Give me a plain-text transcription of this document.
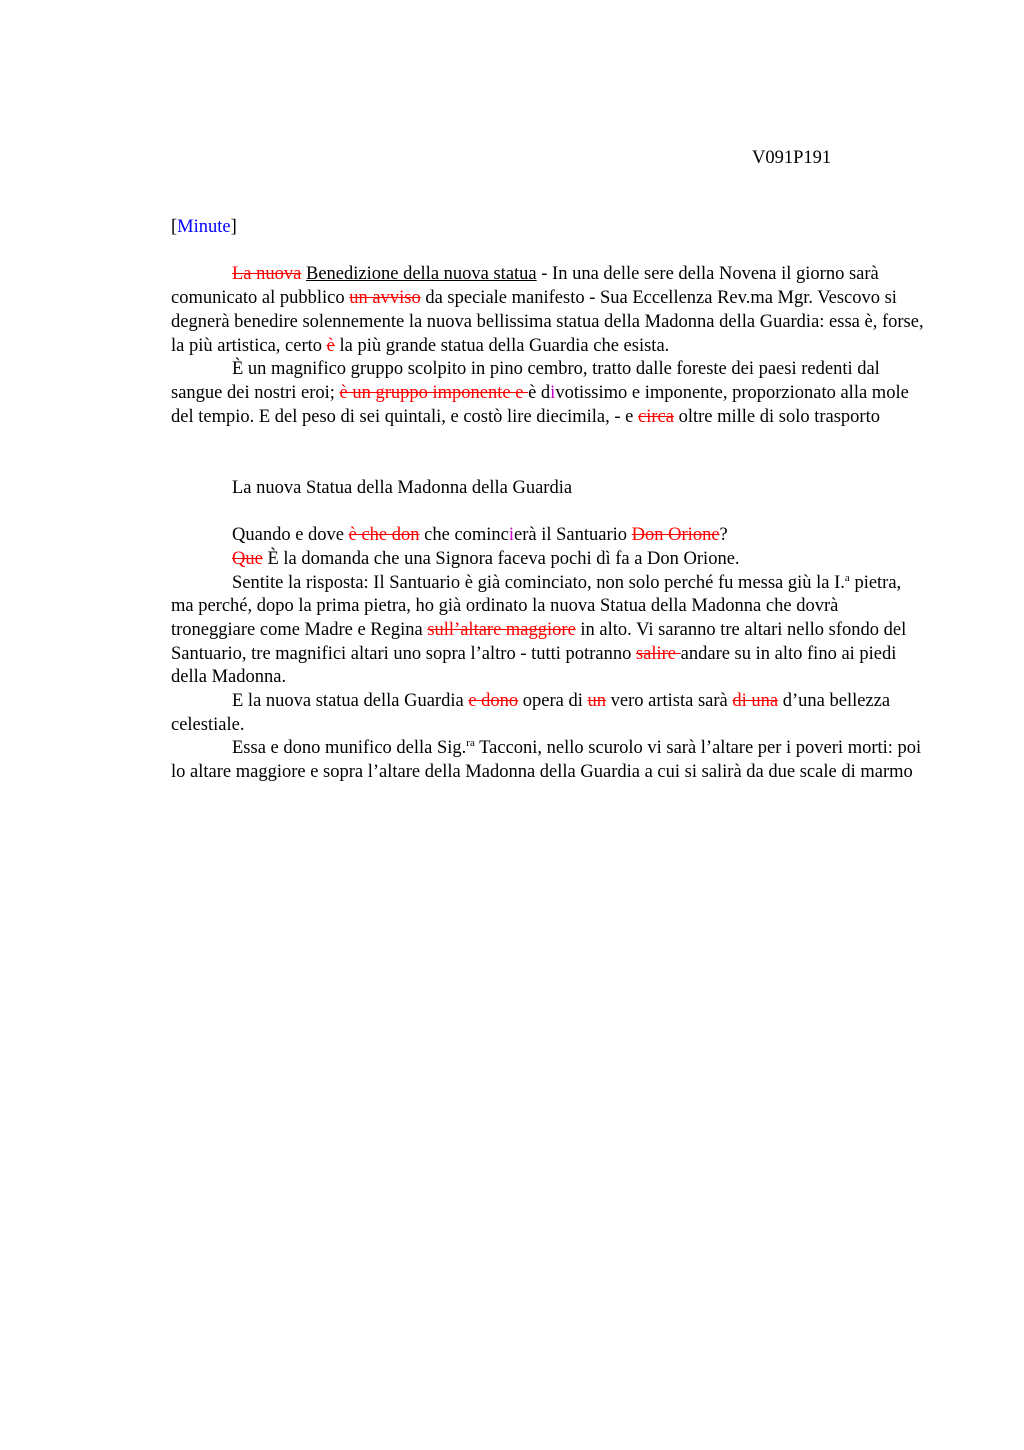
V091P191

[Minute]

La nuova Benedizione della nuova statua - In una delle sere della Novena il giorno sarà comunicato al pubblico un avviso da speciale manifesto - Sua Eccellenza Rev.ma Mgr. Vescovo si degnerà benedire solennemente la nuova bellissima statua della Madonna della Guardia: essa è, forse, la più artistica, certo è la più grande statua della Guardia che esista.

È un magnifico gruppo scolpito in pino cembro, tratto dalle foreste dei paesi redenti dal sangue dei nostri eroi; è un gruppo imponente e è divotissimo e imponente, proporzionato alla mole del tempio. E del peso di sei quintali, e costò lire diecimila, - e circa oltre mille di solo trasporto

La nuova Statua della Madonna della Guardia

Quando e dove è che don che comincierà il Santuario Don Orione?

Que È la domanda che una Signora faceva pochi dì fa a Don Orione.

Sentite la risposta: Il Santuario è già cominciato, non solo perché fu messa giù la I.$^a$ pietra, ma perché, dopo la prima pietra, ho già ordinato la nuova Statua della Madonna che dovrà troneggiare come Madre e Regina sull’altare maggiore in alto. Vi saranno tre altari nello sfondo del Santuario, tre magnifici altari uno sopra l’altro - tutti potranno salire andare su in alto fino ai piedi della Madonna.

E la nuova statua della Guardia e dono opera di un vero artista sarà di una d’una bellezza celestiale.

Essa e dono munifico della Sig.$^{ra}$ Tacconi, nello scurolo vi sarà l’altare per i poveri morti: poi lo altare maggiore e sopra l’altare della Madonna della Guardia a cui si salirà da due scale di marmo
